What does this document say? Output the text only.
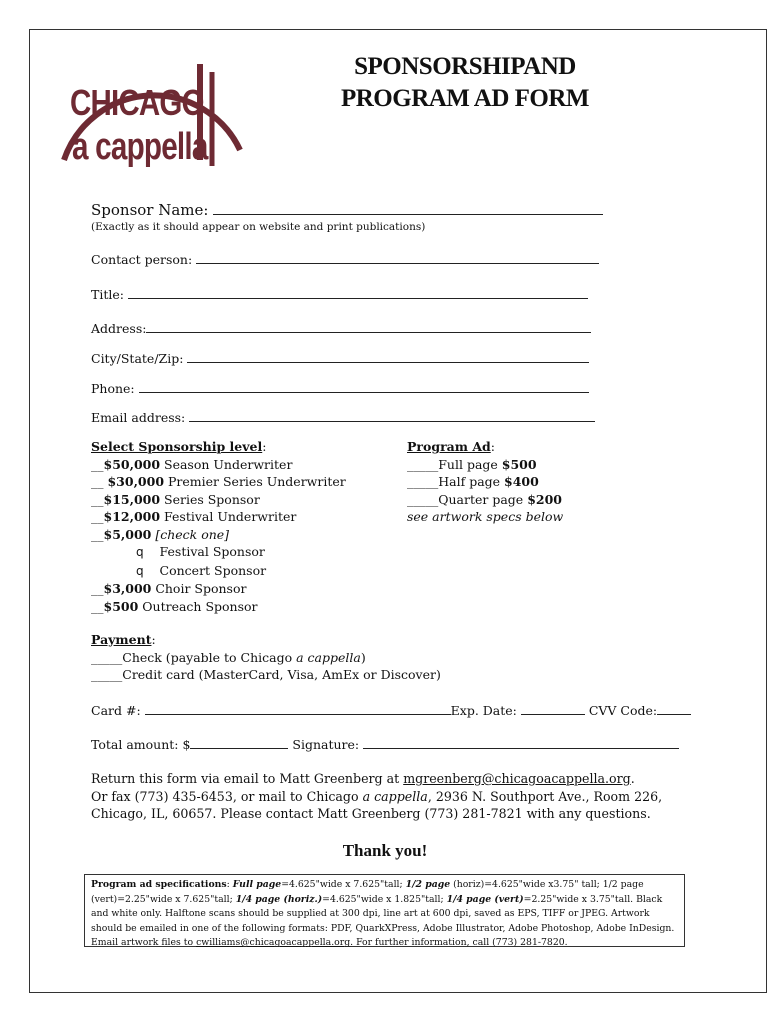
CHICAGO
a cappella
SPONSORSHIPAND
PROGRAM AD FORM
Sponsor Name:
(Exactly as it should appear on website and print publications)
Contact person:
Title:
Address:
City/State/Zip:
Phone:
Email address:
Select Sponsorship level:
__$50,000 Season Underwriter
__ $30,000 Premier Series Underwriter
__$15,000 Series Sponsor
__$12,000 Festival Underwriter
__$5,000 [check one]
q Festival Sponsor
q Concert Sponsor
__$3,000 Choir Sponsor
__$500 Outreach Sponsor
Program Ad:
_____Full page $500
_____Half page $400
_____Quarter page $200
see artwork specs below
Payment:
_____Check (payable to Chicago a cappella)
_____Credit card (MasterCard, Visa, AmEx or Discover)
Card #:	Exp. Date:	CVV Code:
Total amount: $	Signature:
Return this form via email to Matt Greenberg at mgreenberg@chicagoacappella.org.
Or fax (773) 435-6453, or mail to Chicago a cappella, 2936 N. Southport Ave., Room 226,
Chicago, IL, 60657. Please contact Matt Greenberg (773) 281-7821 with any questions.
Thank you!
Program ad specifications: Full page=4.625"wide x 7.625"tall; 1/2 page (horiz)=4.625"wide x3.75" tall; 1/2 page (vert)=2.25"wide x 7.625"tall; 1/4 page (horiz.)=4.625"wide x 1.825"tall; 1/4 page (vert)=2.25"wide x 3.75"tall. Black and white only. Halftone scans should be supplied at 300 dpi, line art at 600 dpi, saved as EPS, TIFF or JPEG. Artwork should be emailed in one of the following formats: PDF, QuarkXPress, Adobe Illustrator, Adobe Photoshop, Adobe InDesign. Email artwork files to cwilliams@chicagoacappella.org. For further information, call (773) 281-7820.
